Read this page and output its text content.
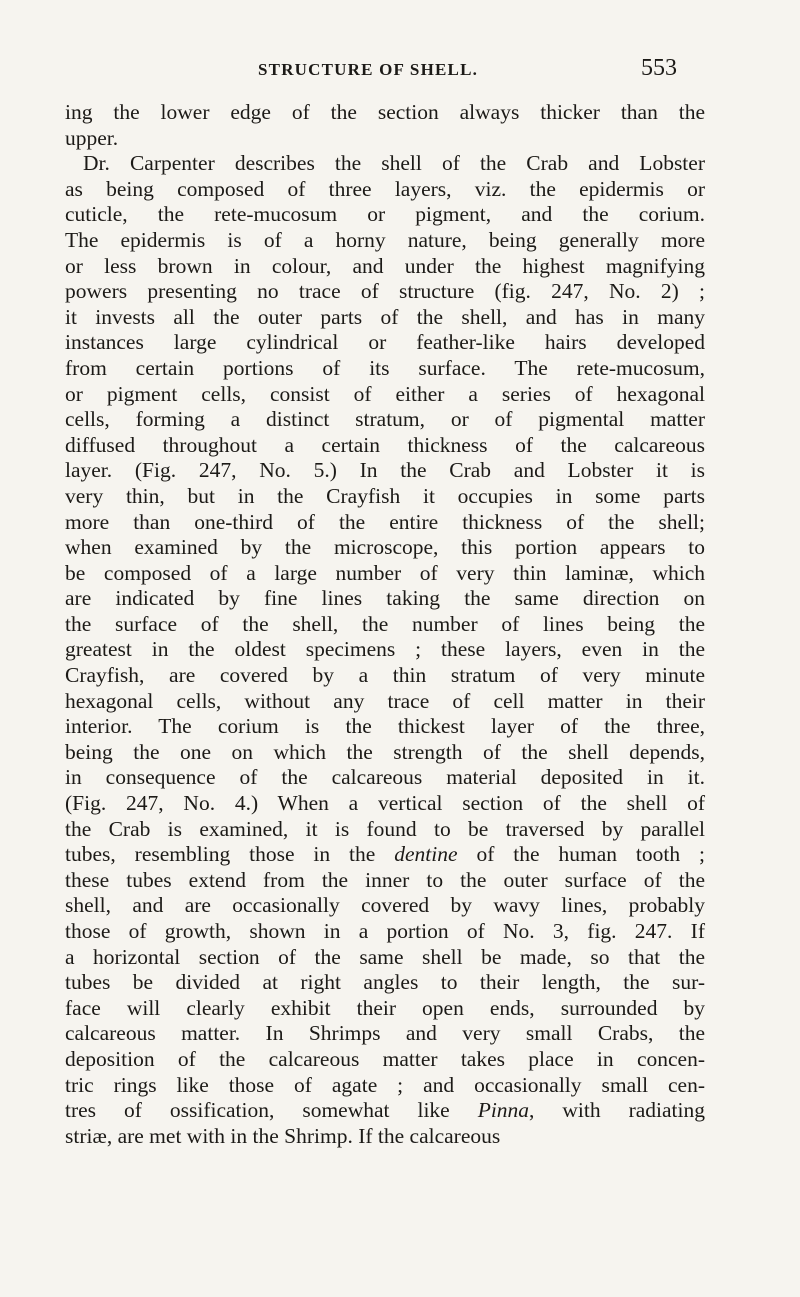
STRUCTURE OF SHELL.	553
ing the lower edge of the section always thicker than the
upper.
Dr. Carpenter describes the shell of the Crab and Lobster
as being composed of three layers, viz. the epidermis or
cuticle, the rete-mucosum or pigment, and the corium.
The epidermis is of a horny nature, being generally more
or less brown in colour, and under the highest magnifying
powers presenting no trace of structure (fig. 247, No. 2) ;
it invests all the outer parts of the shell, and has in many
instances large cylindrical or feather-like hairs developed
from certain portions of its surface. The rete-mucosum,
or pigment cells, consist of either a series of hexagonal
cells, forming a distinct stratum, or of pigmental matter
diffused throughout a certain thickness of the calcareous
layer. (Fig. 247, No. 5.) In the Crab and Lobster it is
very thin, but in the Crayfish it occupies in some parts
more than one-third of the entire thickness of the shell;
when examined by the microscope, this portion appears to
be composed of a large number of very thin laminæ, which
are indicated by fine lines taking the same direction on
the surface of the shell, the number of lines being the
greatest in the oldest specimens ; these layers, even in the
Crayfish, are covered by a thin stratum of very minute
hexagonal cells, without any trace of cell matter in their
interior. The corium is the thickest layer of the three,
being the one on which the strength of the shell depends,
in consequence of the calcareous material deposited in it.
(Fig. 247, No. 4.) When a vertical section of the shell of
the Crab is examined, it is found to be traversed by parallel
tubes, resembling those in the dentine of the human tooth ;
these tubes extend from the inner to the outer surface of the
shell, and are occasionally covered by wavy lines, probably
those of growth, shown in a portion of No. 3, fig. 247. If
a horizontal section of the same shell be made, so that the
tubes be divided at right angles to their length, the sur-
face will clearly exhibit their open ends, surrounded by
calcareous matter. In Shrimps and very small Crabs, the
deposition of the calcareous matter takes place in concen-
tric rings like those of agate ; and occasionally small cen-
tres of ossification, somewhat like Pinna, with radiating
striæ, are met with in the Shrimp. If the calcareous
